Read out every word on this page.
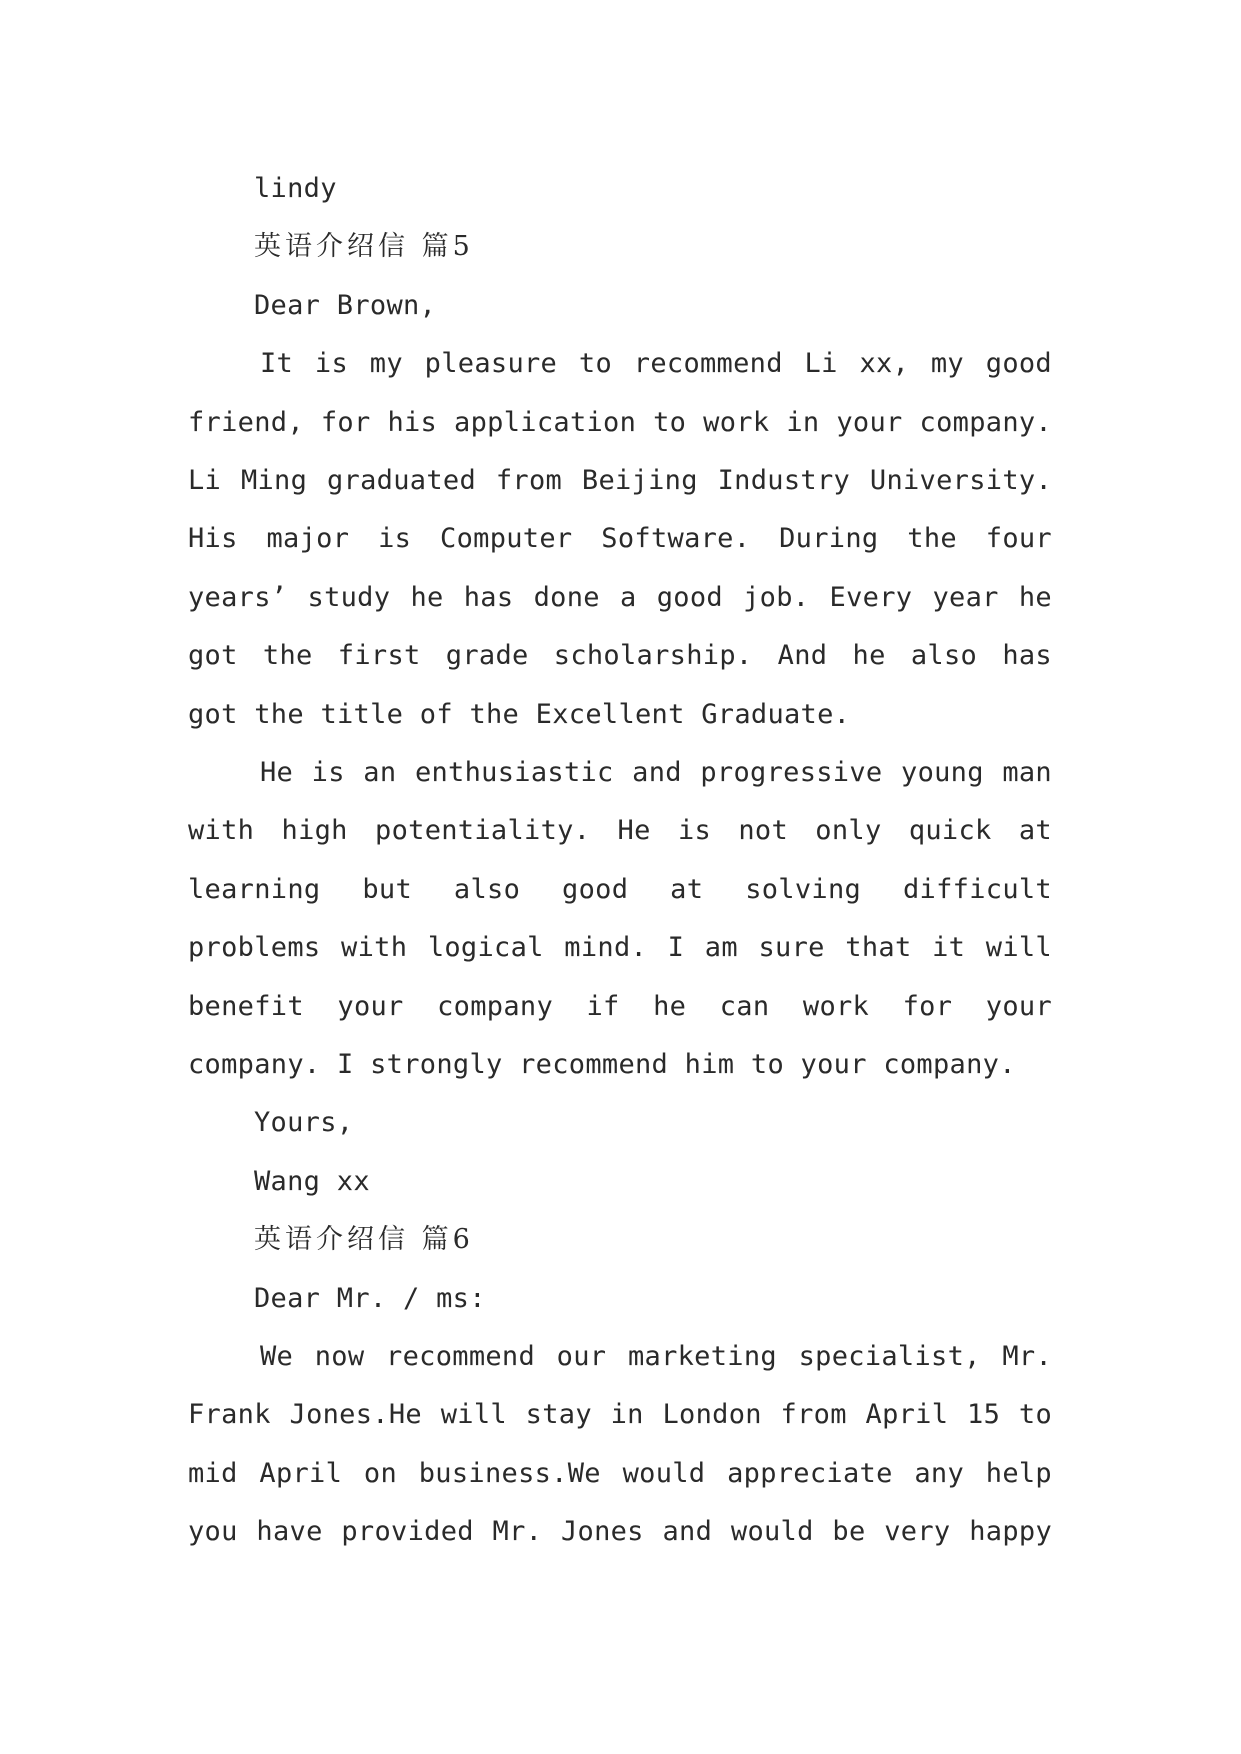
lindy
英语介绍信 篇5
Dear Brown,
It is my pleasure to recommend Li xx, my good
friend, for his application to work in your company.
Li Ming graduated from Beijing Industry University.
His major is Computer Software. During the four
years’ study he has done a good job. Every year he
got the first grade scholarship. And he also has
got the title of the Excellent Graduate.
He is an enthusiastic and progressive young man
with high potentiality. He is not only quick at
learning but also good at solving difficult
problems with logical mind. I am sure that it will
benefit your company if he can work for your
company. I strongly recommend him to your company.
Yours,
Wang xx
英语介绍信 篇6
Dear Mr. / ms:
We now recommend our marketing specialist, Mr.
Frank Jones.He will stay in London from April 15 to
mid April on business.We would appreciate any help
you have provided Mr. Jones and would be very happy
